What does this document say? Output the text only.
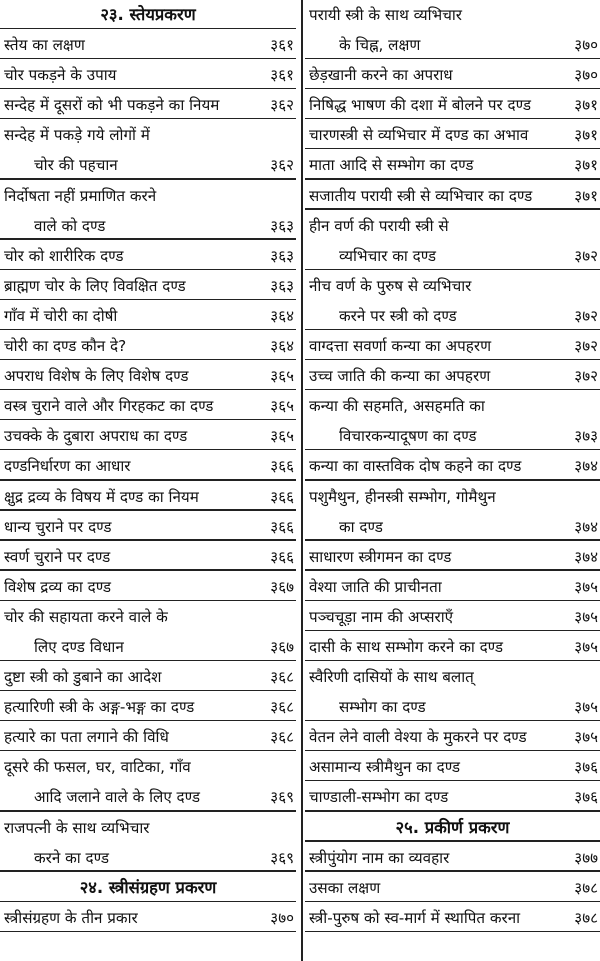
२३. स्तेयप्रकरण
स्तेय का लक्षण	३६१
चोर पकड़ने के उपाय	३६१
सन्देह में दूसरों को भी पकड़ने का नियम	३६२
सन्देह में पकड़े गये लोगों में
चोर की पहचान	३६२
निर्दोषता नहीं प्रमाणित करने
वाले को दण्ड	३६३
चोर को शारीरिक दण्ड	३६३
ब्राह्मण चोर के लिए विवक्षित दण्ड	३६३
गाँव में चोरी का दोषी	३६४
चोरी का दण्ड कौन दे?	३६४
अपराध विशेष के लिए विशेष दण्ड	३६५
वस्त्र चुराने वाले और गिरहकट का दण्ड	३६५
उचक्के के दुबारा अपराध का दण्ड	३६५
दण्डनिर्धारण का आधार	३६६
क्षुद्र द्रव्य के विषय में दण्ड का नियम	३६६
धान्य चुराने पर दण्ड	३६६
स्वर्ण चुराने पर दण्ड	३६६
विशेष द्रव्य का दण्ड	३६७
चोर की सहायता करने वाले के
लिए दण्ड विधान	३६७
दुष्टा स्त्री को डुबाने का आदेश	३६८
हत्यारिणी स्त्री के अङ्ग-भङ्ग का दण्ड	३६८
हत्यारे का पता लगाने की विधि	३६८
दूसरे की फसल, घर, वाटिका, गाँव
आदि जलाने वाले के लिए दण्ड	३६९
राजपत्नी के साथ व्यभिचार
करने का दण्ड	३६९
२४. स्त्रीसंग्रहण प्रकरण
स्त्रीसंग्रहण के तीन प्रकार	३७०
परायी स्त्री के साथ व्यभिचार
के चिह्न, लक्षण	३७०
छेड़खानी करने का अपराध	३७०
निषिद्ध भाषण की दशा में बोलने पर दण्ड	३७१
चारणस्त्री से व्यभिचार में दण्ड का अभाव	३७१
माता आदि से सम्भोग का दण्ड	३७१
सजातीय परायी स्त्री से व्यभिचार का दण्ड	३७१
हीन वर्ण की परायी स्त्री से
व्यभिचार का दण्ड	३७२
नीच वर्ण के पुरुष से व्यभिचार
करने पर स्त्री को दण्ड	३७२
वाग्दत्ता सवर्णा कन्या का अपहरण	३७२
उच्च जाति की कन्या का अपहरण	३७२
कन्या की सहमति, असहमति का
विचारकन्यादूषण का दण्ड	३७३
कन्या का वास्तविक दोष कहने का दण्ड	३७४
पशुमैथुन, हीनस्त्री सम्भोग, गोमैथुन
का दण्ड	३७४
साधारण स्त्रीगमन का दण्ड	३७४
वेश्या जाति की प्राचीनता	३७५
पञ्चचूड़ा नाम की अप्सराएँ	३७५
दासी के साथ सम्भोग करने का दण्ड	३७५
स्वैरिणी दासियों के साथ बलात्
सम्भोग का दण्ड	३७५
वेतन लेने वाली वेश्या के मुकरने पर दण्ड	३७५
असामान्य स्त्रीमैथुन का दण्ड	३७६
चाण्डाली-सम्भोग का दण्ड	३७६
२५. प्रकीर्ण प्रकरण
स्त्रीपुंयोग नाम का व्यवहार	३७७
उसका लक्षण	३७८
स्त्री-पुरुष को स्व-मार्ग में स्थापित करना	३७८
